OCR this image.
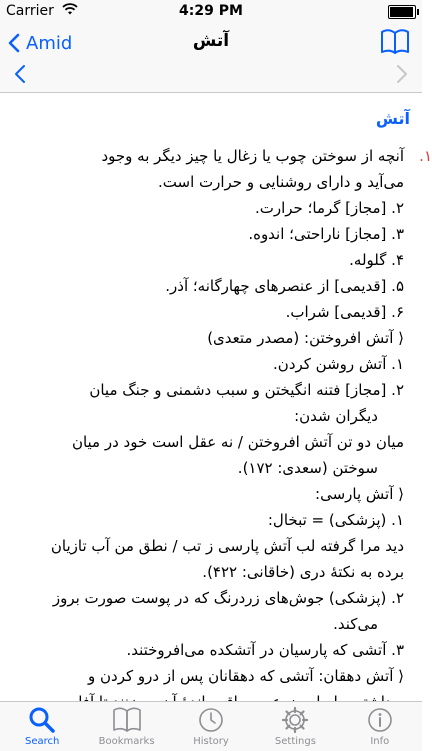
Carrier	4:29 PM
Amid	آتش
آتش
۱.

آنچه از سوختن چوب یا زغال یا چیز دیگر به وجود

می‌آید و دارای روشنایی و حرارت است.

۲. [مجاز] گرما؛ حرارت.

۳. [مجاز] ناراحتی؛ اندوه.

۴. گلوله.

۵. [قدیمی] از عنصرهای چهارگانه؛ آذر.

۶. [قدیمی] شراب.

⟨ آتش افروختن: (مصدر متعدی)

۱. آتش روشن کردن.

۲. [مجاز] فتنه انگیختن و سبب دشمنی و جنگ میان

دیگران شدن:

میان دو تن آتش افروختن / نه عقل است خود در میان

سوختن (سعدی: ۱۷۲).

⟨ آتش پارسی:

۱. (پزشکی) = تبخال:

دید مرا گرفته لب آتش پارسی ز تب / نطق من آب تازیان

برده به نکته‌ٔ دری (خاقانی: ۴۲۲).

۲. (پزشکی) جوش‌های زردرنگ که در پوست صورت بروز

می‌کند.

۳. آتشی که پارسیان در آتشکده می‌افروختند.

⟨ آتش دهقان: آتشی که دهقانان پس از درو کردن و

Search	Bookmarks	History	Settings	Info
